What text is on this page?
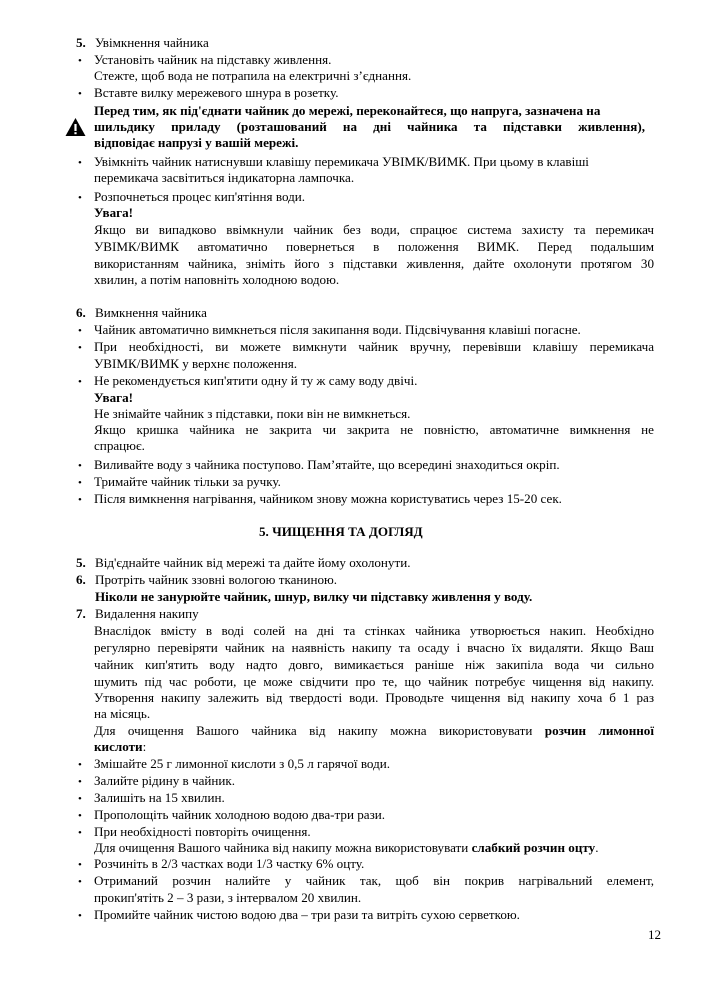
5. Увімкнення чайника
• Установіть чайник на підставку живлення.
Стежте, щоб вода не потрапила на електричні з’єднання.
• Вставте вилку мережевого шнура в розетку.
Перед тим, як під'єднати чайник до мережі, переконайтеся, що напруга, зазначена на
шильдику приладу (розташований на дні чайника та підставки живлення),
відповідає напрузі у вашій мережі.
• Увімкніть чайник натиснувши клавішу перемикача УВІМК/ВИМК. При цьому в клавіші
перемикача засвітиться індикаторна лампочка.
• Розпочнеться процес кип'ятіння води.
Увага!
Якщо ви випадково ввімкнули чайник без води, спрацює система захисту та перемикач
УВІМК/ВИМК автоматично повернеться в положення ВИМК. Перед подальшим
використанням чайника, зніміть його з підставки живлення, дайте охолонути протягом 30
хвилин, а потім наповніть холодною водою.
6. Вимкнення чайника
• Чайник автоматично вимкнеться після закипання води. Підсвічування клавіші погасне.
• При необхідності, ви можете вимкнути чайник вручну, перевівши клавішу перемикача
УВІМК/ВИМК у верхнє положення.
• Не рекомендується кип'ятити одну й ту ж саму воду двічі.
Увага!
Не знімайте чайник з підставки, поки він не вимкнеться.
Якщо кришка чайника не закрита чи закрита не повністю, автоматичне вимкнення не
спрацює.
• Виливайте воду з чайника поступово. Пам’ятайте, що всередині знаходиться окріп.
• Тримайте чайник тільки за ручку.
• Після вимкнення нагрівання, чайником знову можна користуватись через 15-20 сек.
5. ЧИЩЕННЯ ТА ДОГЛЯД
5. Від'єднайте чайник від мережі та дайте йому охолонути.
6. Протріть чайник ззовні вологою тканиною.
Ніколи не занурюйте чайник, шнур, вилку чи підставку живлення у воду.
7. Видалення накипу
Внаслідок вмісту в воді солей на дні та стінках чайника утворюється накип. Необхідно
регулярно перевіряти чайник на наявність накипу та осаду і вчасно їх видаляти. Якщо Ваш
чайник кип'ятить воду надто довго, вимикається раніше ніж закипіла вода чи сильно
шумить під час роботи, це може свідчити про те, що чайник потребує чищення від накипу.
Утворення накипу залежить від твердості води. Проводьте чищення від накипу хоча б 1 раз
на місяць.
Для очищення Вашого чайника від накипу можна використовувати розчин лимонної
кислоти:
• Змішайте 25 г лимонної кислоти з 0,5 л гарячої води.
• Залийте рідину в чайник.
• Залишіть на 15 хвилин.
• Прополощіть чайник холодною водою два-три рази.
• При необхідності повторіть очищення.
Для очищення Вашого чайника від накипу можна використовувати слабкий розчин оцту.
• Розчиніть в 2/3 частках води 1/3 частку 6% оцту.
• Отриманий розчин налийте у чайник так, щоб він покрив нагрівальний елемент,
прокип'ятіть 2 – 3 рази, з інтервалом 20 хвилин.
• Промийте чайник чистою водою два – три рази та витріть сухою серветкою.
12
